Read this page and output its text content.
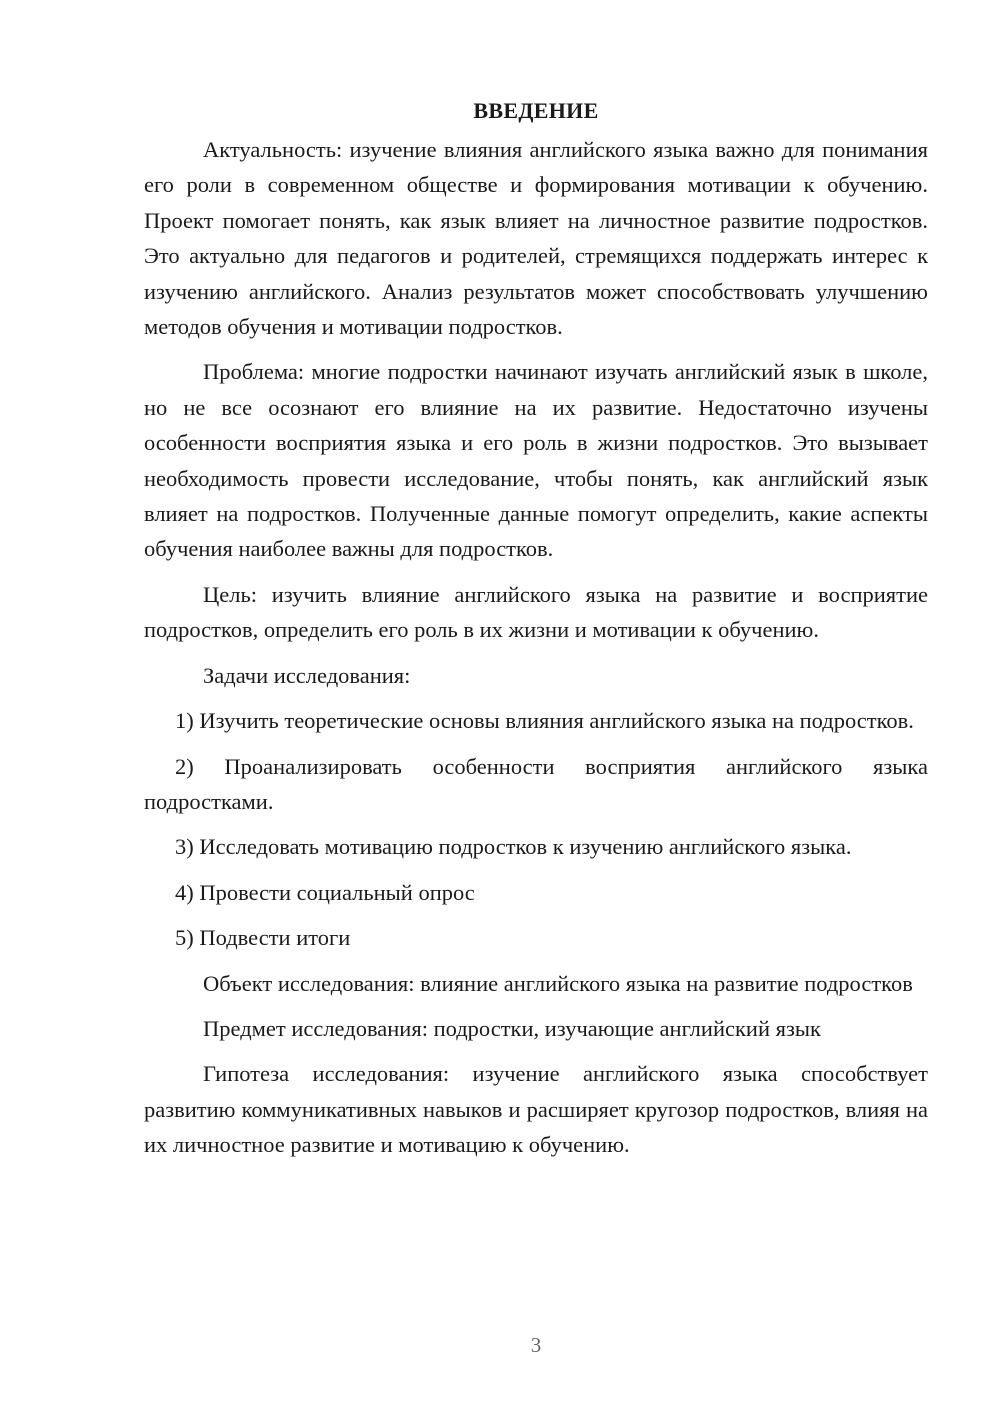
ВВЕДЕНИЕ

Актуальность: изучение влияния английского языка важно для понимания его роли в современном обществе и формирования мотивации к обучению. Проект помогает понять, как язык влияет на личностное развитие подростков. Это актуально для педагогов и родителей, стремящихся поддержать интерес к изучению английского. Анализ результатов может способствовать улучшению методов обучения и мотивации подростков.

Проблема: многие подростки начинают изучать английский язык в школе, но не все осознают его влияние на их развитие. Недостаточно изучены особенности восприятия языка и его роль в жизни подростков. Это вызывает необходимость провести исследование, чтобы понять, как английский язык влияет на подростков. Полученные данные помогут определить, какие аспекты обучения наиболее важны для подростков.

Цель: изучить влияние английского языка на развитие и восприятие подростков, определить его роль в их жизни и мотивации к обучению.

Задачи исследования:

1) Изучить теоретические основы влияния английского языка на подростков.

2) Проанализировать особенности восприятия английского языка подростками.

3) Исследовать мотивацию подростков к изучению английского языка.

4) Провести социальный опрос

5) Подвести итоги

Объект исследования: влияние английского языка на развитие подростков

Предмет исследования: подростки, изучающие английский язык

Гипотеза исследования: изучение английского языка способствует развитию коммуникативных навыков и расширяет кругозор подростков, влияя на их личностное развитие и мотивацию к обучению.

3
